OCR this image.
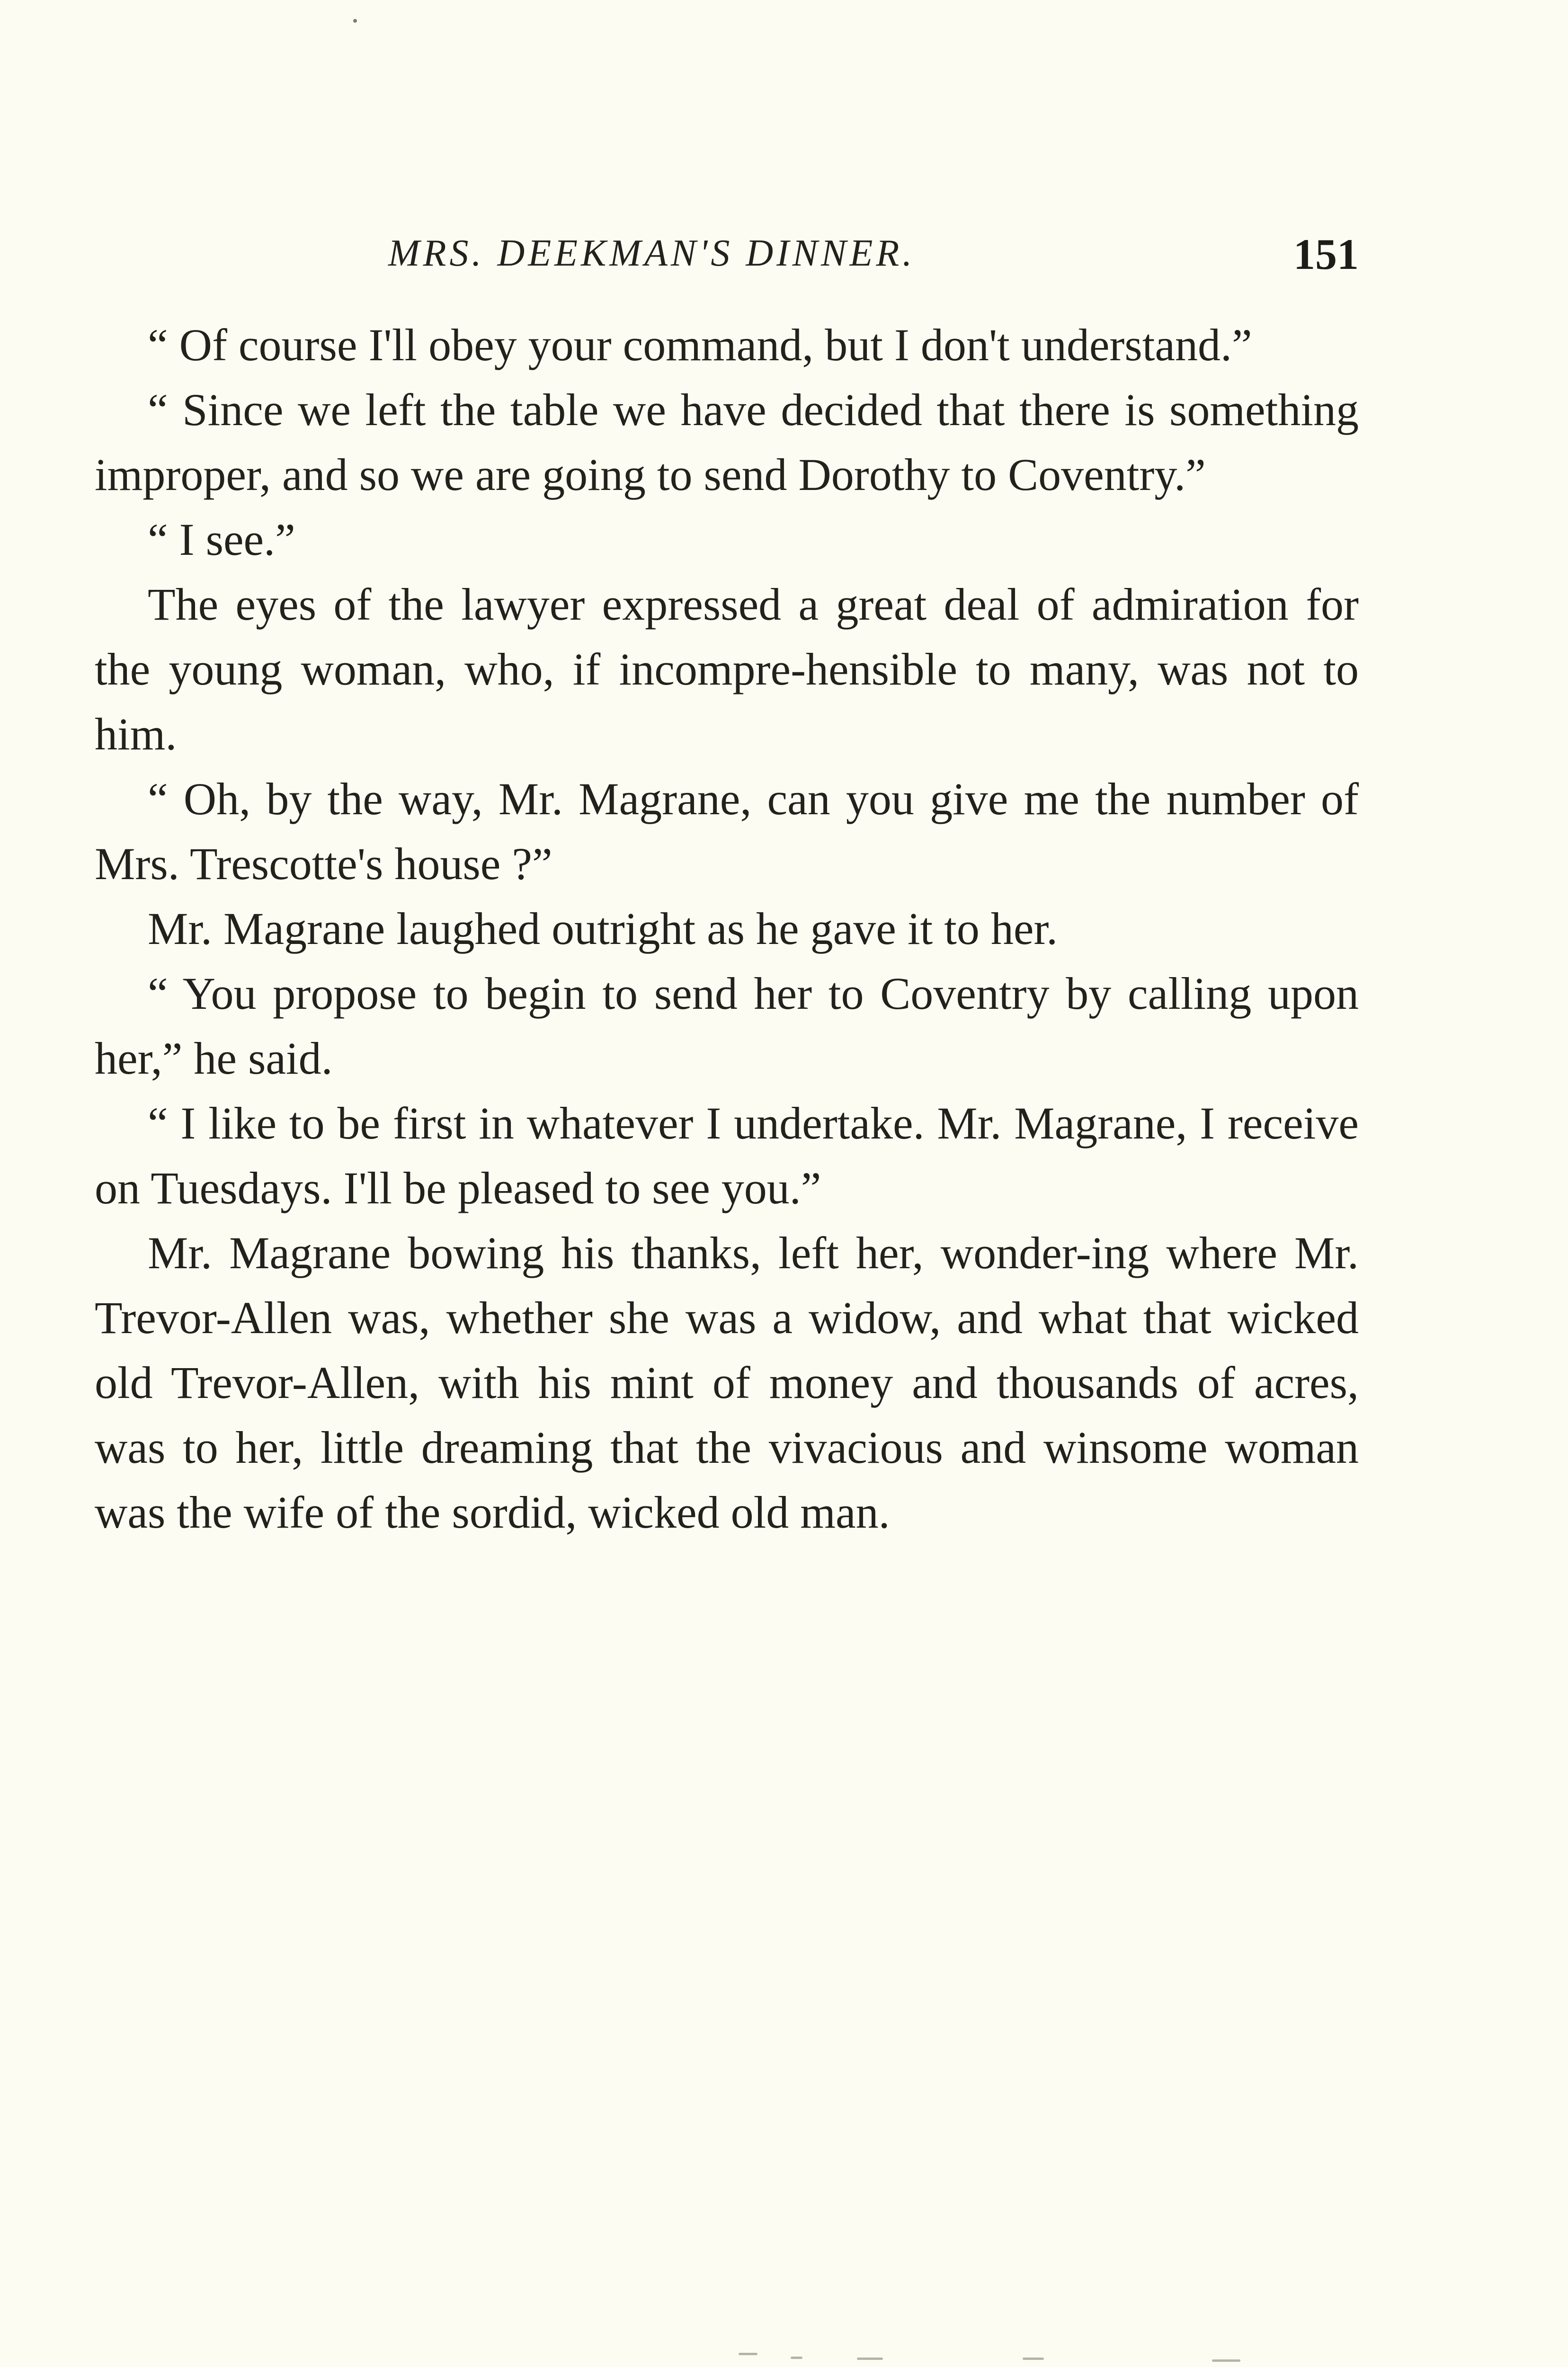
MRS. DEEKMAN'S DINNER.	151

“ Of course I'll obey your command, but I don't understand.”

“ Since we left the table we have decided that there is something improper, and so we are going to send Dorothy to Coventry.”

“ I see.”

The eyes of the lawyer expressed a great deal of admiration for the young woman, who, if incompre-hensible to many, was not to him.

“ Oh, by the way, Mr. Magrane, can you give me the number of Mrs. Trescotte's house ?”

Mr. Magrane laughed outright as he gave it to her.

“ You propose to begin to send her to Coventry by calling upon her,” he said.

“ I like to be first in whatever I undertake. Mr. Magrane, I receive on Tuesdays. I'll be pleased to see you.”

Mr. Magrane bowing his thanks, left her, wonder-ing where Mr. Trevor-Allen was, whether she was a widow, and what that wicked old Trevor-Allen, with his mint of money and thousands of acres, was to her, little dreaming that the vivacious and winsome woman was the wife of the sordid, wicked old man.
